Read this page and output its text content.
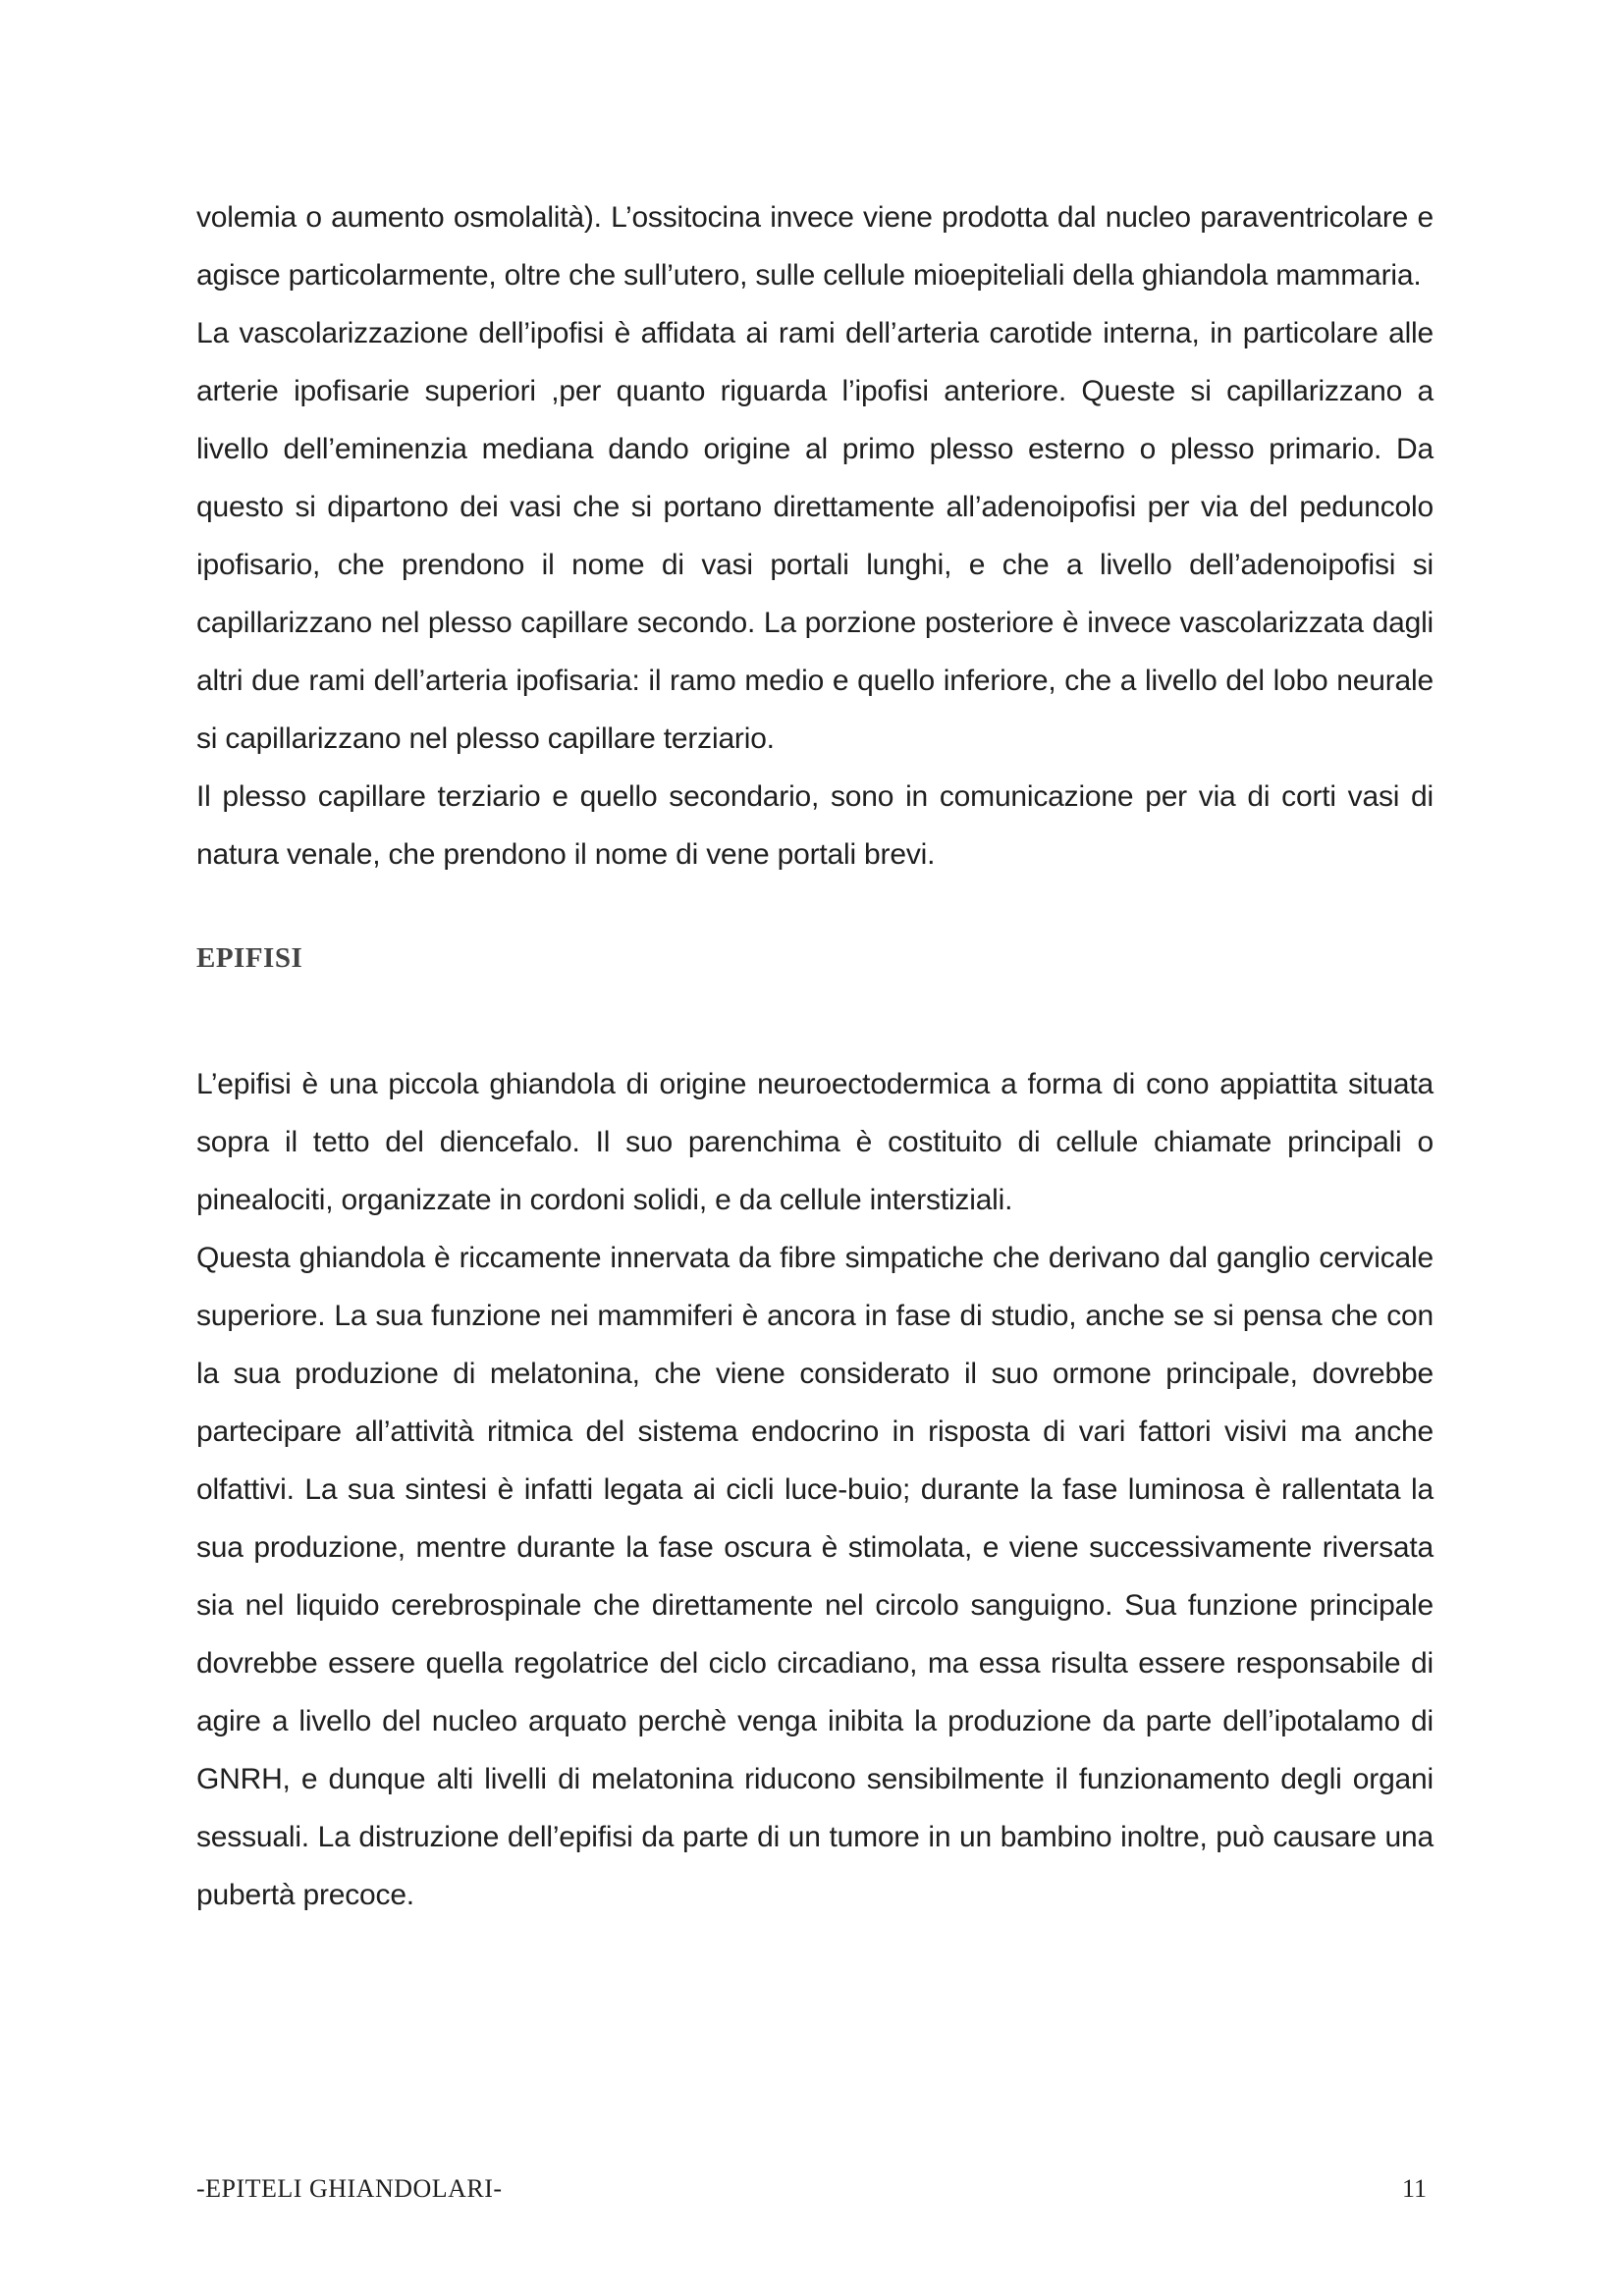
volemia o aumento osmolalità). L’ossitocina invece viene prodotta dal nucleo paraventricolare e agisce particolarmente, oltre che sull’utero, sulle cellule mioepiteliali della ghiandola mammaria.

La vascolarizzazione dell’ipofisi è affidata ai rami dell’arteria carotide interna, in particolare alle arterie ipofisarie superiori ,per quanto riguarda l’ipofisi anteriore. Queste si capillarizzano a livello dell’eminenzia mediana dando origine al primo plesso esterno o plesso primario. Da questo si dipartono dei vasi che si portano direttamente all’adenoipofisi per via del peduncolo ipofisario, che prendono il nome di vasi portali lunghi, e che a livello dell’adenoipofisi si capillarizzano nel plesso capillare secondo. La porzione posteriore è invece vascolarizzata dagli altri due rami dell’arteria ipofisaria: il ramo medio e quello inferiore, che a livello del lobo neurale si capillarizzano nel plesso capillare terziario.

Il plesso capillare terziario e quello secondario, sono in comunicazione per via di corti vasi di natura venale, che prendono il nome di vene portali brevi.

EPIFISI

L’epifisi è una piccola ghiandola di origine neuroectodermica a forma di cono appiattita situata sopra il tetto del diencefalo. Il suo parenchima è costituito di cellule chiamate principali o pinealociti, organizzate in cordoni solidi, e da cellule interstiziali.

Questa ghiandola è riccamente innervata da fibre simpatiche che derivano dal ganglio cervicale superiore. La sua funzione nei mammiferi è ancora in fase di studio, anche se si pensa che con la sua produzione di melatonina, che viene considerato il suo ormone principale, dovrebbe partecipare all’attività ritmica del sistema endocrino in risposta di vari fattori visivi ma anche olfattivi. La sua sintesi è infatti legata ai cicli luce-buio; durante la fase luminosa è rallentata la sua produzione, mentre durante la fase oscura è stimolata, e viene successivamente riversata sia nel liquido cerebrospinale che direttamente nel circolo sanguigno. Sua funzione principale dovrebbe essere quella regolatrice del ciclo circadiano, ma essa risulta essere responsabile di agire a livello del nucleo arquato perchè venga inibita la produzione da parte dell’ipotalamo di GNRH, e dunque alti livelli di melatonina riducono sensibilmente il funzionamento degli organi sessuali. La distruzione dell’epifisi da parte di un tumore in un bambino inoltre, può causare una pubertà precoce.

-EPITELI GHIANDOLARI-	11
